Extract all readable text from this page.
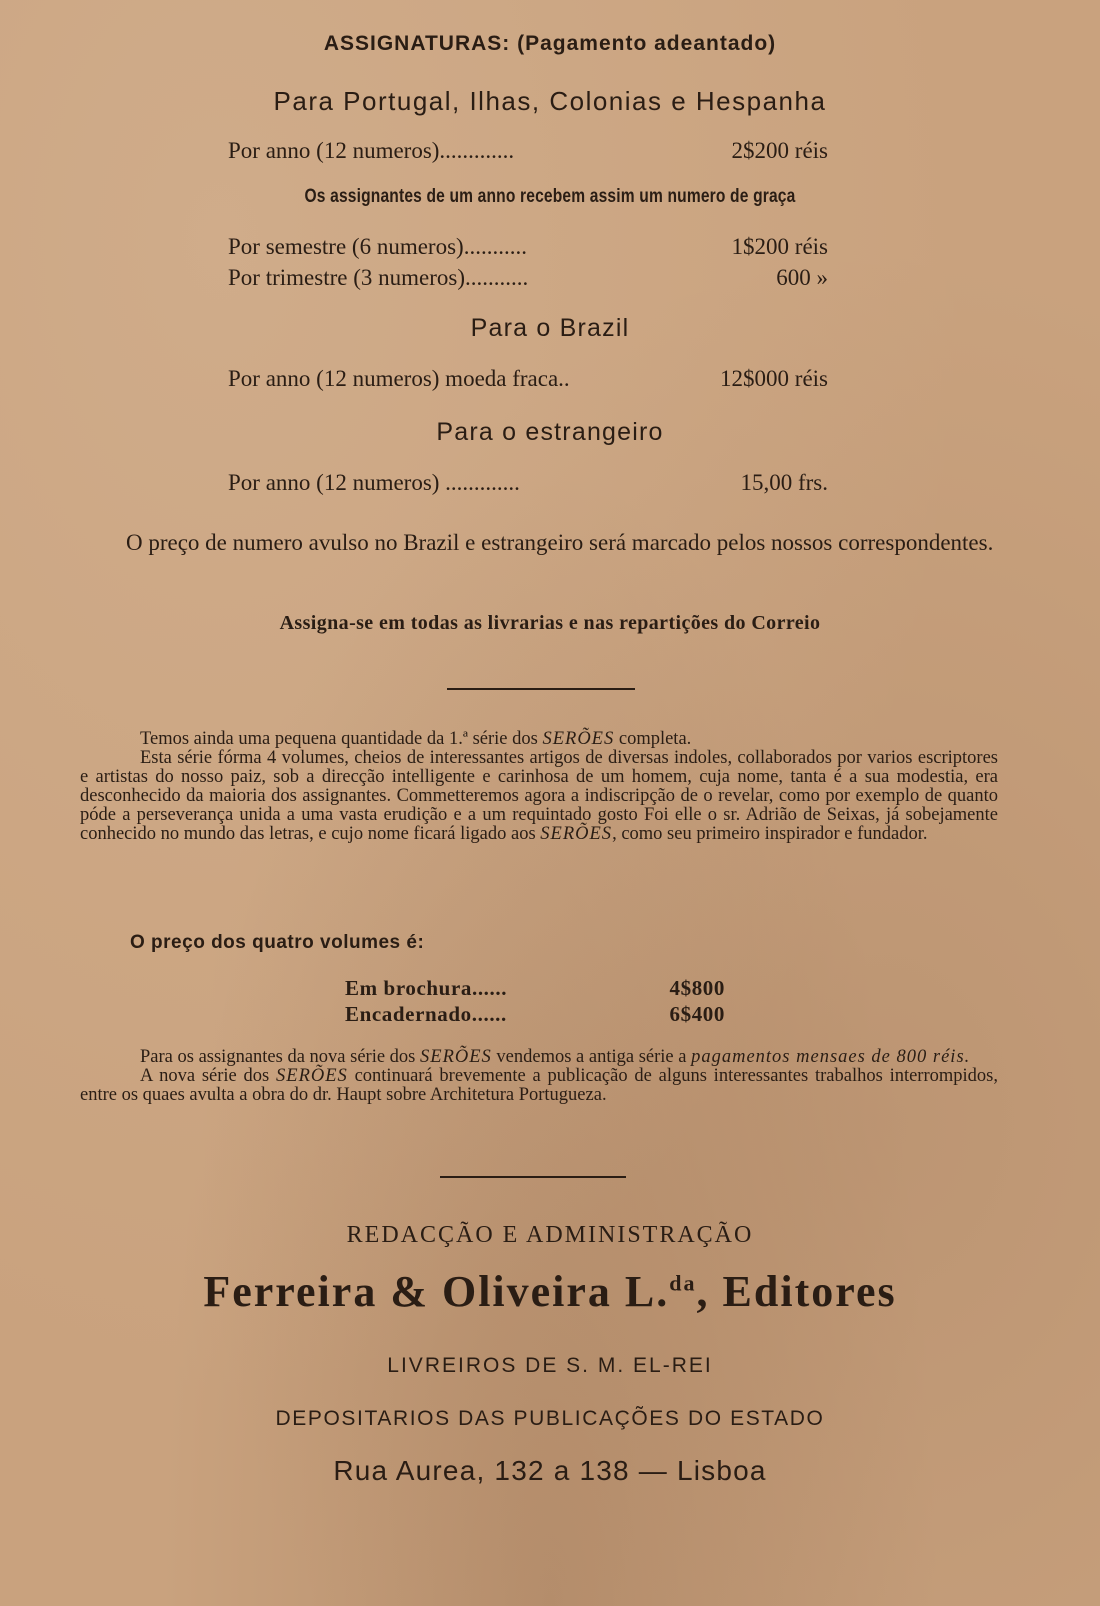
ASSIGNATURAS: (Pagamento adeantado)
Para Portugal, Ilhas, Colonias e Hespanha
Por anno (12 numeros).............	2$200 réis
Os assignantes de um anno recebem assim um numero de graça
Por semestre (6 numeros)...........	1$200 réis
Por trimestre (3 numeros)...........	600 »
Para o Brazil
Por anno (12 numeros) moeda fraca..	12$000 réis
Para o estrangeiro
Por anno (12 numeros) .............	15,00 frs.
O preço de numero avulso no Brazil e estrangeiro será marcado pelos nossos correspondentes.
Assigna-se em todas as livrarias e nas repartições do Correio

Temos ainda uma pequena quantidade da 1.ª série dos SERÕES completa.

Esta série fórma 4 volumes, cheios de interessantes artigos de diversas indoles, collaborados por varios escriptores e artistas do nosso paiz, sob a direcção intelligente e carinhosa de um homem, cuja nome, tanta é a sua modestia, era desconhecido da maioria dos assignantes. Commetteremos agora a indiscripção de o revelar, como por exemplo de quanto póde a perseverança unida a uma vasta erudição e a um requintado gosto Foi elle o sr. Adrião de Seixas, já sobejamente conhecido no mundo das letras, e cujo nome ficará ligado aos SERÕES, como seu primeiro inspirador e fundador.

O preço dos quatro volumes é:
Em brochura......	4$800
Encadernado......	6$400

Para os assignantes da nova série dos SERÕES vendemos a antiga série a pagamentos mensaes de 800 réis.

A nova série dos SERÕES continuará brevemente a publicação de alguns interessantes trabalhos interrompidos, entre os quaes avulta a obra do dr. Haupt sobre Architetura Portugueza.

REDACÇÃO E ADMINISTRAÇÃO
Ferreira & Oliveira L.$^{da}$, Editores
LIVREIROS DE S. M. EL-REI
DEPOSITARIOS DAS PUBLICAÇÕES DO ESTADO
Rua Aurea, 132 a 138 — Lisboa
